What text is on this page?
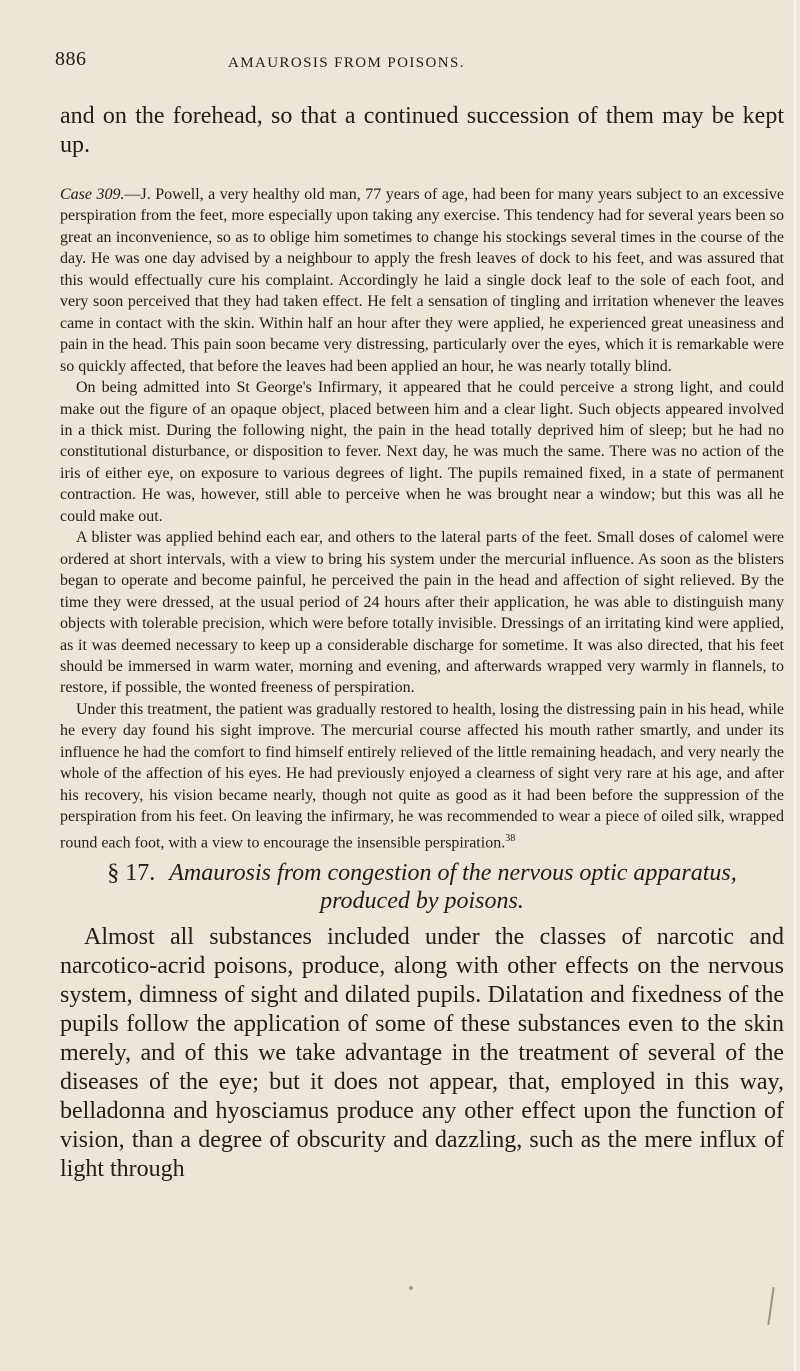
886	AMAUROSIS FROM POISONS.

and on the forehead, so that a continued succession of them may be kept up.

Case 309.—J. Powell, a very healthy old man, 77 years of age, had been for many years subject to an excessive perspiration from the feet, more especially upon taking any exercise. This tendency had for several years been so great an inconvenience, so as to oblige him sometimes to change his stockings several times in the course of the day. He was one day advised by a neighbour to apply the fresh leaves of dock to his feet, and was assured that this would effectually cure his complaint. Accordingly he laid a single dock leaf to the sole of each foot, and very soon perceived that they had taken effect. He felt a sensation of tingling and irritation whenever the leaves came in contact with the skin. Within half an hour after they were applied, he experienced great uneasiness and pain in the head. This pain soon became very distressing, particularly over the eyes, which it is remarkable were so quickly affected, that before the leaves had been applied an hour, he was nearly totally blind.

On being admitted into St George's Infirmary, it appeared that he could perceive a strong light, and could make out the figure of an opaque object, placed between him and a clear light. Such objects appeared involved in a thick mist. During the following night, the pain in the head totally deprived him of sleep; but he had no constitutional disturbance, or disposition to fever. Next day, he was much the same. There was no action of the iris of either eye, on exposure to various degrees of light. The pupils remained fixed, in a state of permanent contraction. He was, however, still able to perceive when he was brought near a window; but this was all he could make out.

A blister was applied behind each ear, and others to the lateral parts of the feet. Small doses of calomel were ordered at short intervals, with a view to bring his system under the mercurial influence. As soon as the blisters began to operate and become painful, he perceived the pain in the head and affection of sight relieved. By the time they were dressed, at the usual period of 24 hours after their application, he was able to distinguish many objects with tolerable precision, which were before totally invisible. Dressings of an irritating kind were applied, as it was deemed necessary to keep up a considerable discharge for sometime. It was also directed, that his feet should be immersed in warm water, morning and evening, and afterwards wrapped very warmly in flannels, to restore, if possible, the wonted freeness of perspiration.

Under this treatment, the patient was gradually restored to health, losing the distressing pain in his head, while he every day found his sight improve. The mercurial course affected his mouth rather smartly, and under its influence he had the comfort to find himself entirely relieved of the little remaining headach, and very nearly the whole of the affection of his eyes. He had previously enjoyed a clearness of sight very rare at his age, and after his recovery, his vision became nearly, though not quite as good as it had been before the suppression of the perspiration from his feet. On leaving the infirmary, he was recommended to wear a piece of oiled silk, wrapped round each foot, with a view to encourage the insensible perspiration.$^{38}$

§ 17. Amaurosis from congestion of the nervous optic apparatus, produced by poisons.

Almost all substances included under the classes of narcotic and narcotico-acrid poisons, produce, along with other effects on the nervous system, dimness of sight and dilated pupils. Dilatation and fixedness of the pupils follow the application of some of these substances even to the skin merely, and of this we take advantage in the treatment of several of the diseases of the eye; but it does not appear, that, employed in this way, belladonna and hyosciamus produce any other effect upon the function of vision, than a degree of obscurity and dazzling, such as the mere influx of light through
